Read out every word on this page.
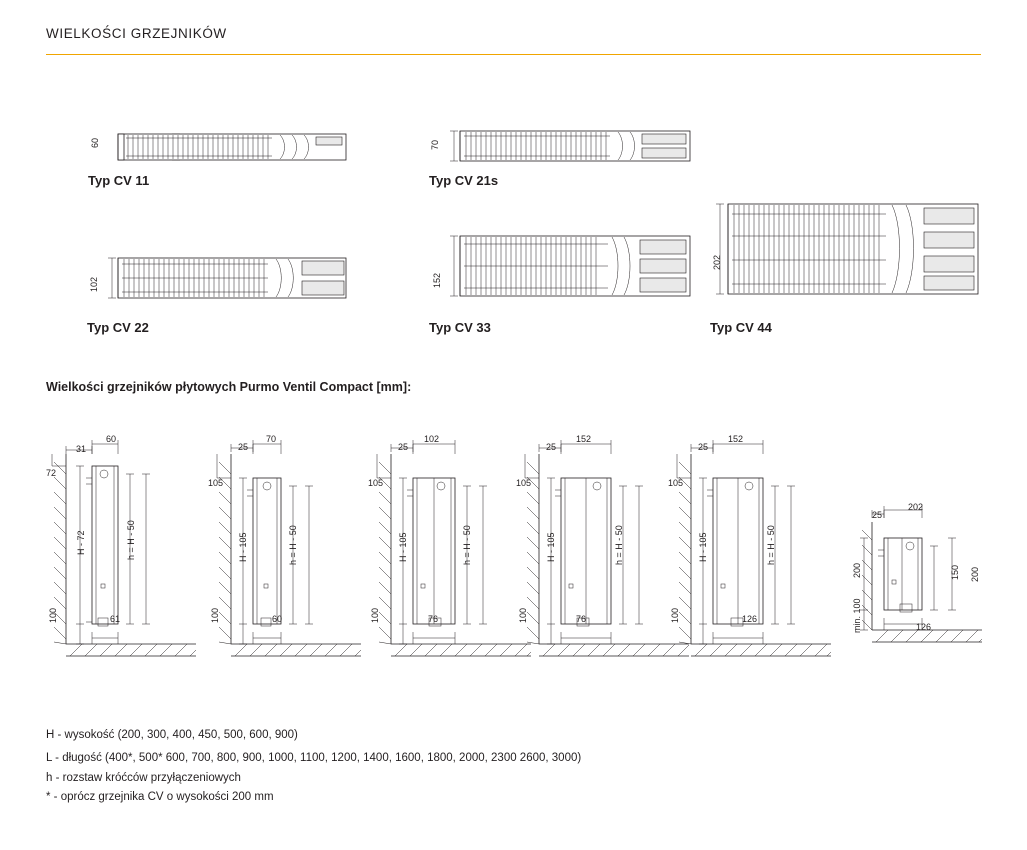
WIELKOŚCI GRZEJNIKÓW
60
Typ CV 11
70
Typ CV 21s
102
Typ CV 22
152
Typ CV 33
202
Typ CV 44
Wielkości grzejników płytowych Purmo Ventil Compact [mm]:
31
60
72
H - 72
100
h = H - 50
61
25
70
105
H - 105
100
h = H - 50
60
25
102
105
H - 105
100
h = H - 50
76
25
152
105
H - 105
100
h = H - 50
76
25
152
105
H - 105
100
h = H - 50
126
25
202
200
min. 100
150 200
126
H - wysokość (200, 300, 400, 450, 500, 600, 900)
L - długość (400*, 500* 600, 700, 800, 900, 1000, 1100, 1200, 1400, 1600, 1800, 2000, 2300 2600, 3000)
h - rozstaw króćców przyłączeniowych
* - oprócz grzejnika CV o wysokości 200 mm
